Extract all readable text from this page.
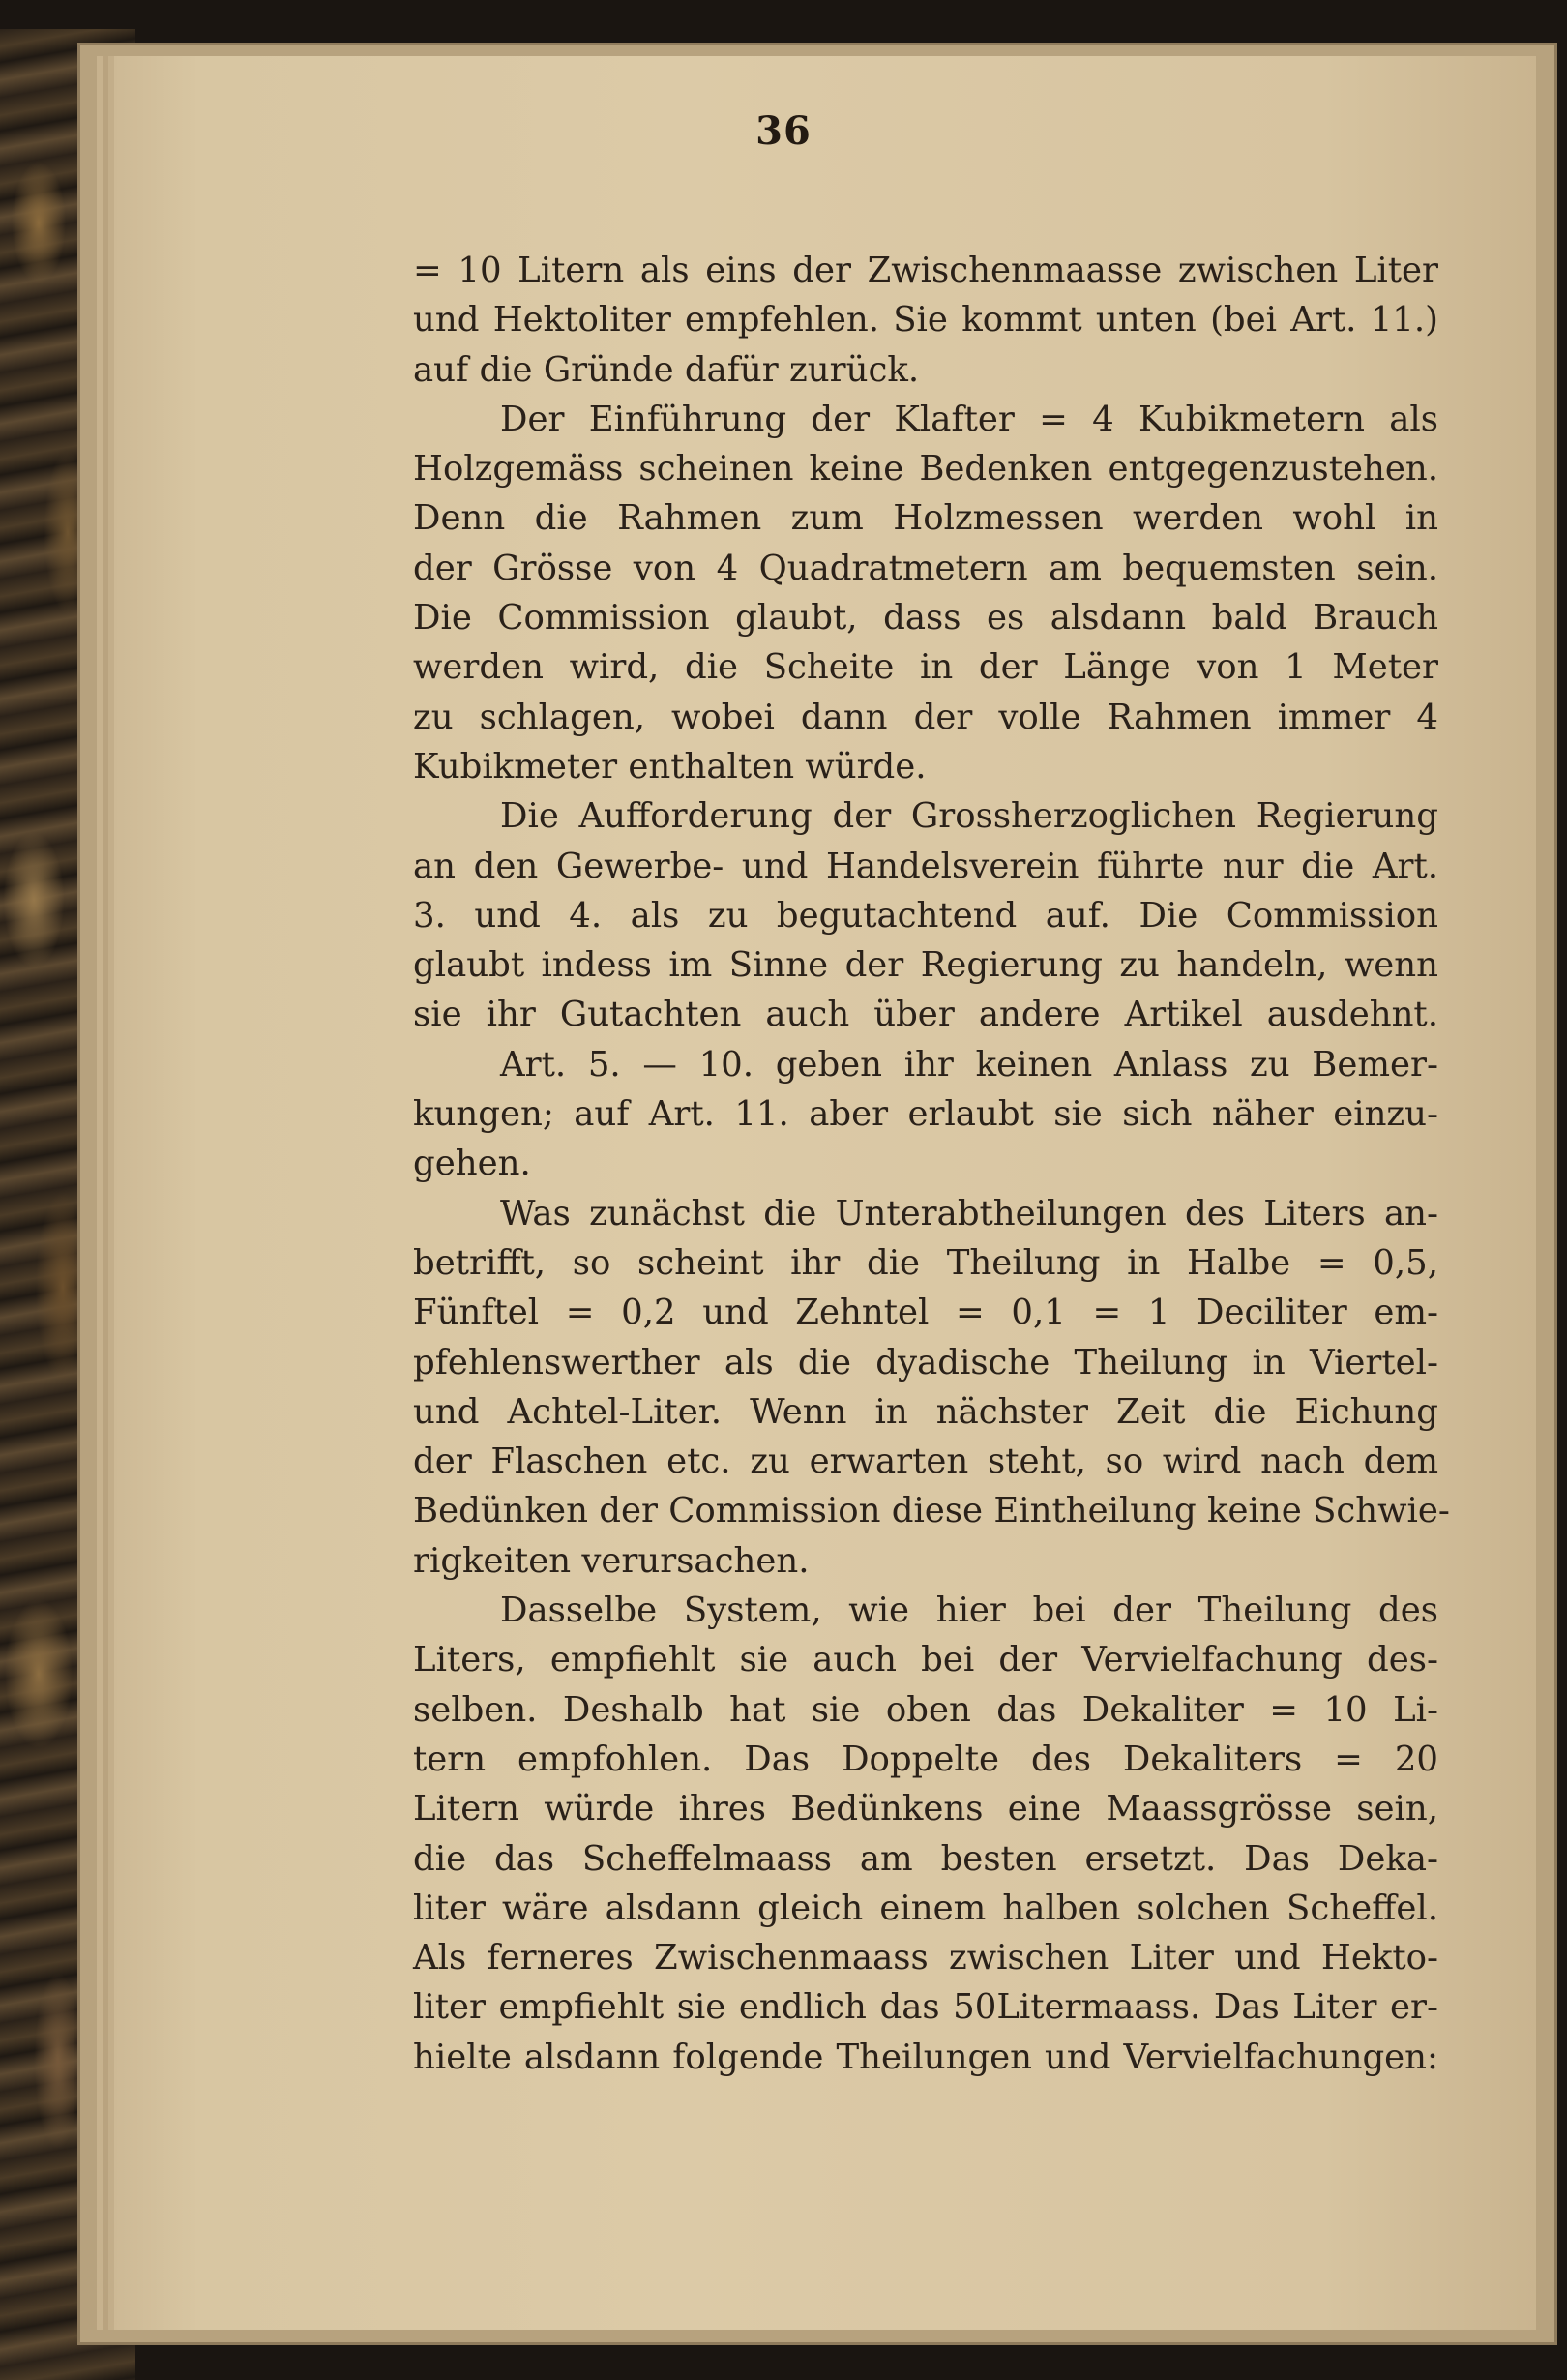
36
= 10 Litern als eins der Zwischenmaasse zwischen Liter
und Hektoliter empfehlen. Sie kommt unten (bei Art. 11.)
auf die Gründe dafür zurück.
Der Einführung der Klafter = 4 Kubikmetern als
Holzgemäss scheinen keine Bedenken entgegenzustehen.
Denn die Rahmen zum Holzmessen werden wohl in
der Grösse von 4 Quadratmetern am bequemsten sein.
Die Commission glaubt, dass es alsdann bald Brauch
werden wird, die Scheite in der Länge von 1 Meter
zu schlagen, wobei dann der volle Rahmen immer 4
Kubikmeter enthalten würde.
Die Aufforderung der Grossherzoglichen Regierung
an den Gewerbe- und Handelsverein führte nur die Art.
3. und 4. als zu begutachtend auf. Die Commission
glaubt indess im Sinne der Regierung zu handeln, wenn
sie ihr Gutachten auch über andere Artikel ausdehnt.
Art. 5. — 10. geben ihr keinen Anlass zu Bemer-
kungen; auf Art. 11. aber erlaubt sie sich näher einzu-
gehen.
Was zunächst die Unterabtheilungen des Liters an-
betrifft, so scheint ihr die Theilung in Halbe = 0,5,
Fünftel = 0,2 und Zehntel = 0,1 = 1 Deciliter em-
pfehlenswerther als die dyadische Theilung in Viertel-
und Achtel-Liter. Wenn in nächster Zeit die Eichung
der Flaschen etc. zu erwarten steht, so wird nach dem
Bedünken der Commission diese Eintheilung keine Schwie-
rigkeiten verursachen.
Dasselbe System, wie hier bei der Theilung des
Liters, empfiehlt sie auch bei der Vervielfachung des-
selben. Deshalb hat sie oben das Dekaliter = 10 Li-
tern empfohlen. Das Doppelte des Dekaliters = 20
Litern würde ihres Bedünkens eine Maassgrösse sein,
die das Scheffelmaass am besten ersetzt. Das Deka-
liter wäre alsdann gleich einem halben solchen Scheffel.
Als ferneres Zwischenmaass zwischen Liter und Hekto-
liter empfiehlt sie endlich das 50Litermaass. Das Liter er-
hielte alsdann folgende Theilungen und Vervielfachungen:
